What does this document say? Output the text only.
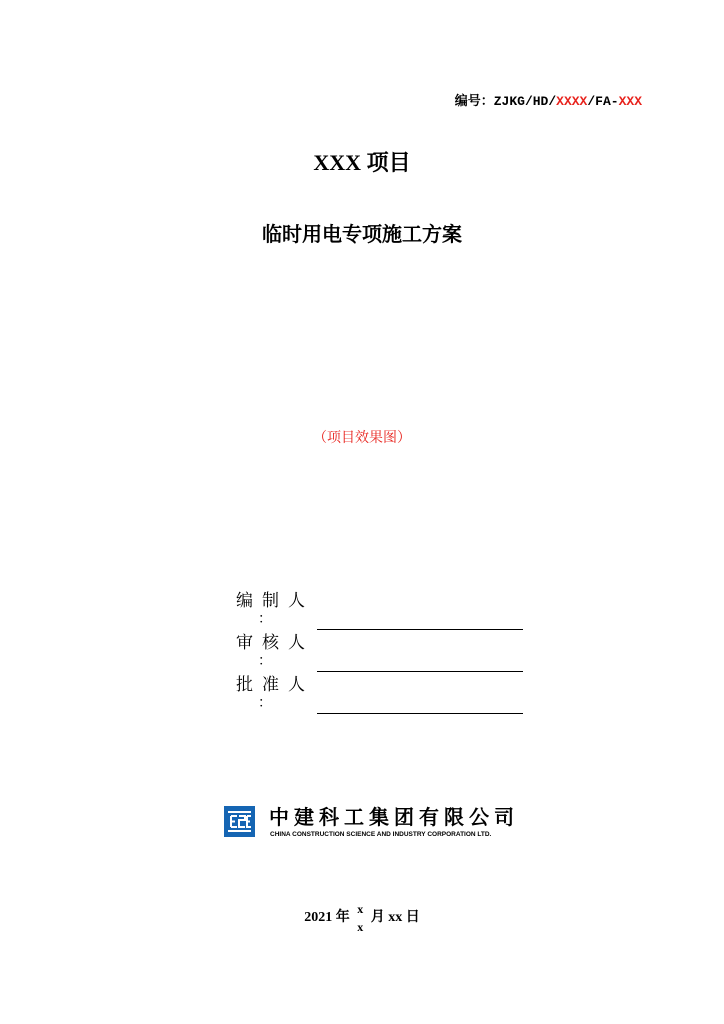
编号：ZJKG/HD/XXXX/FA-XXX
XXX 项目
临时用电专项施工方案
（项目效果图）
编制人
：
审核人
：
批准人
：
中建科工集团有限公司
CHINA CONSTRUCTION SCIENCE AND INDUSTRY CORPORATION LTD.
2021 年 x
x 月 xx 日
